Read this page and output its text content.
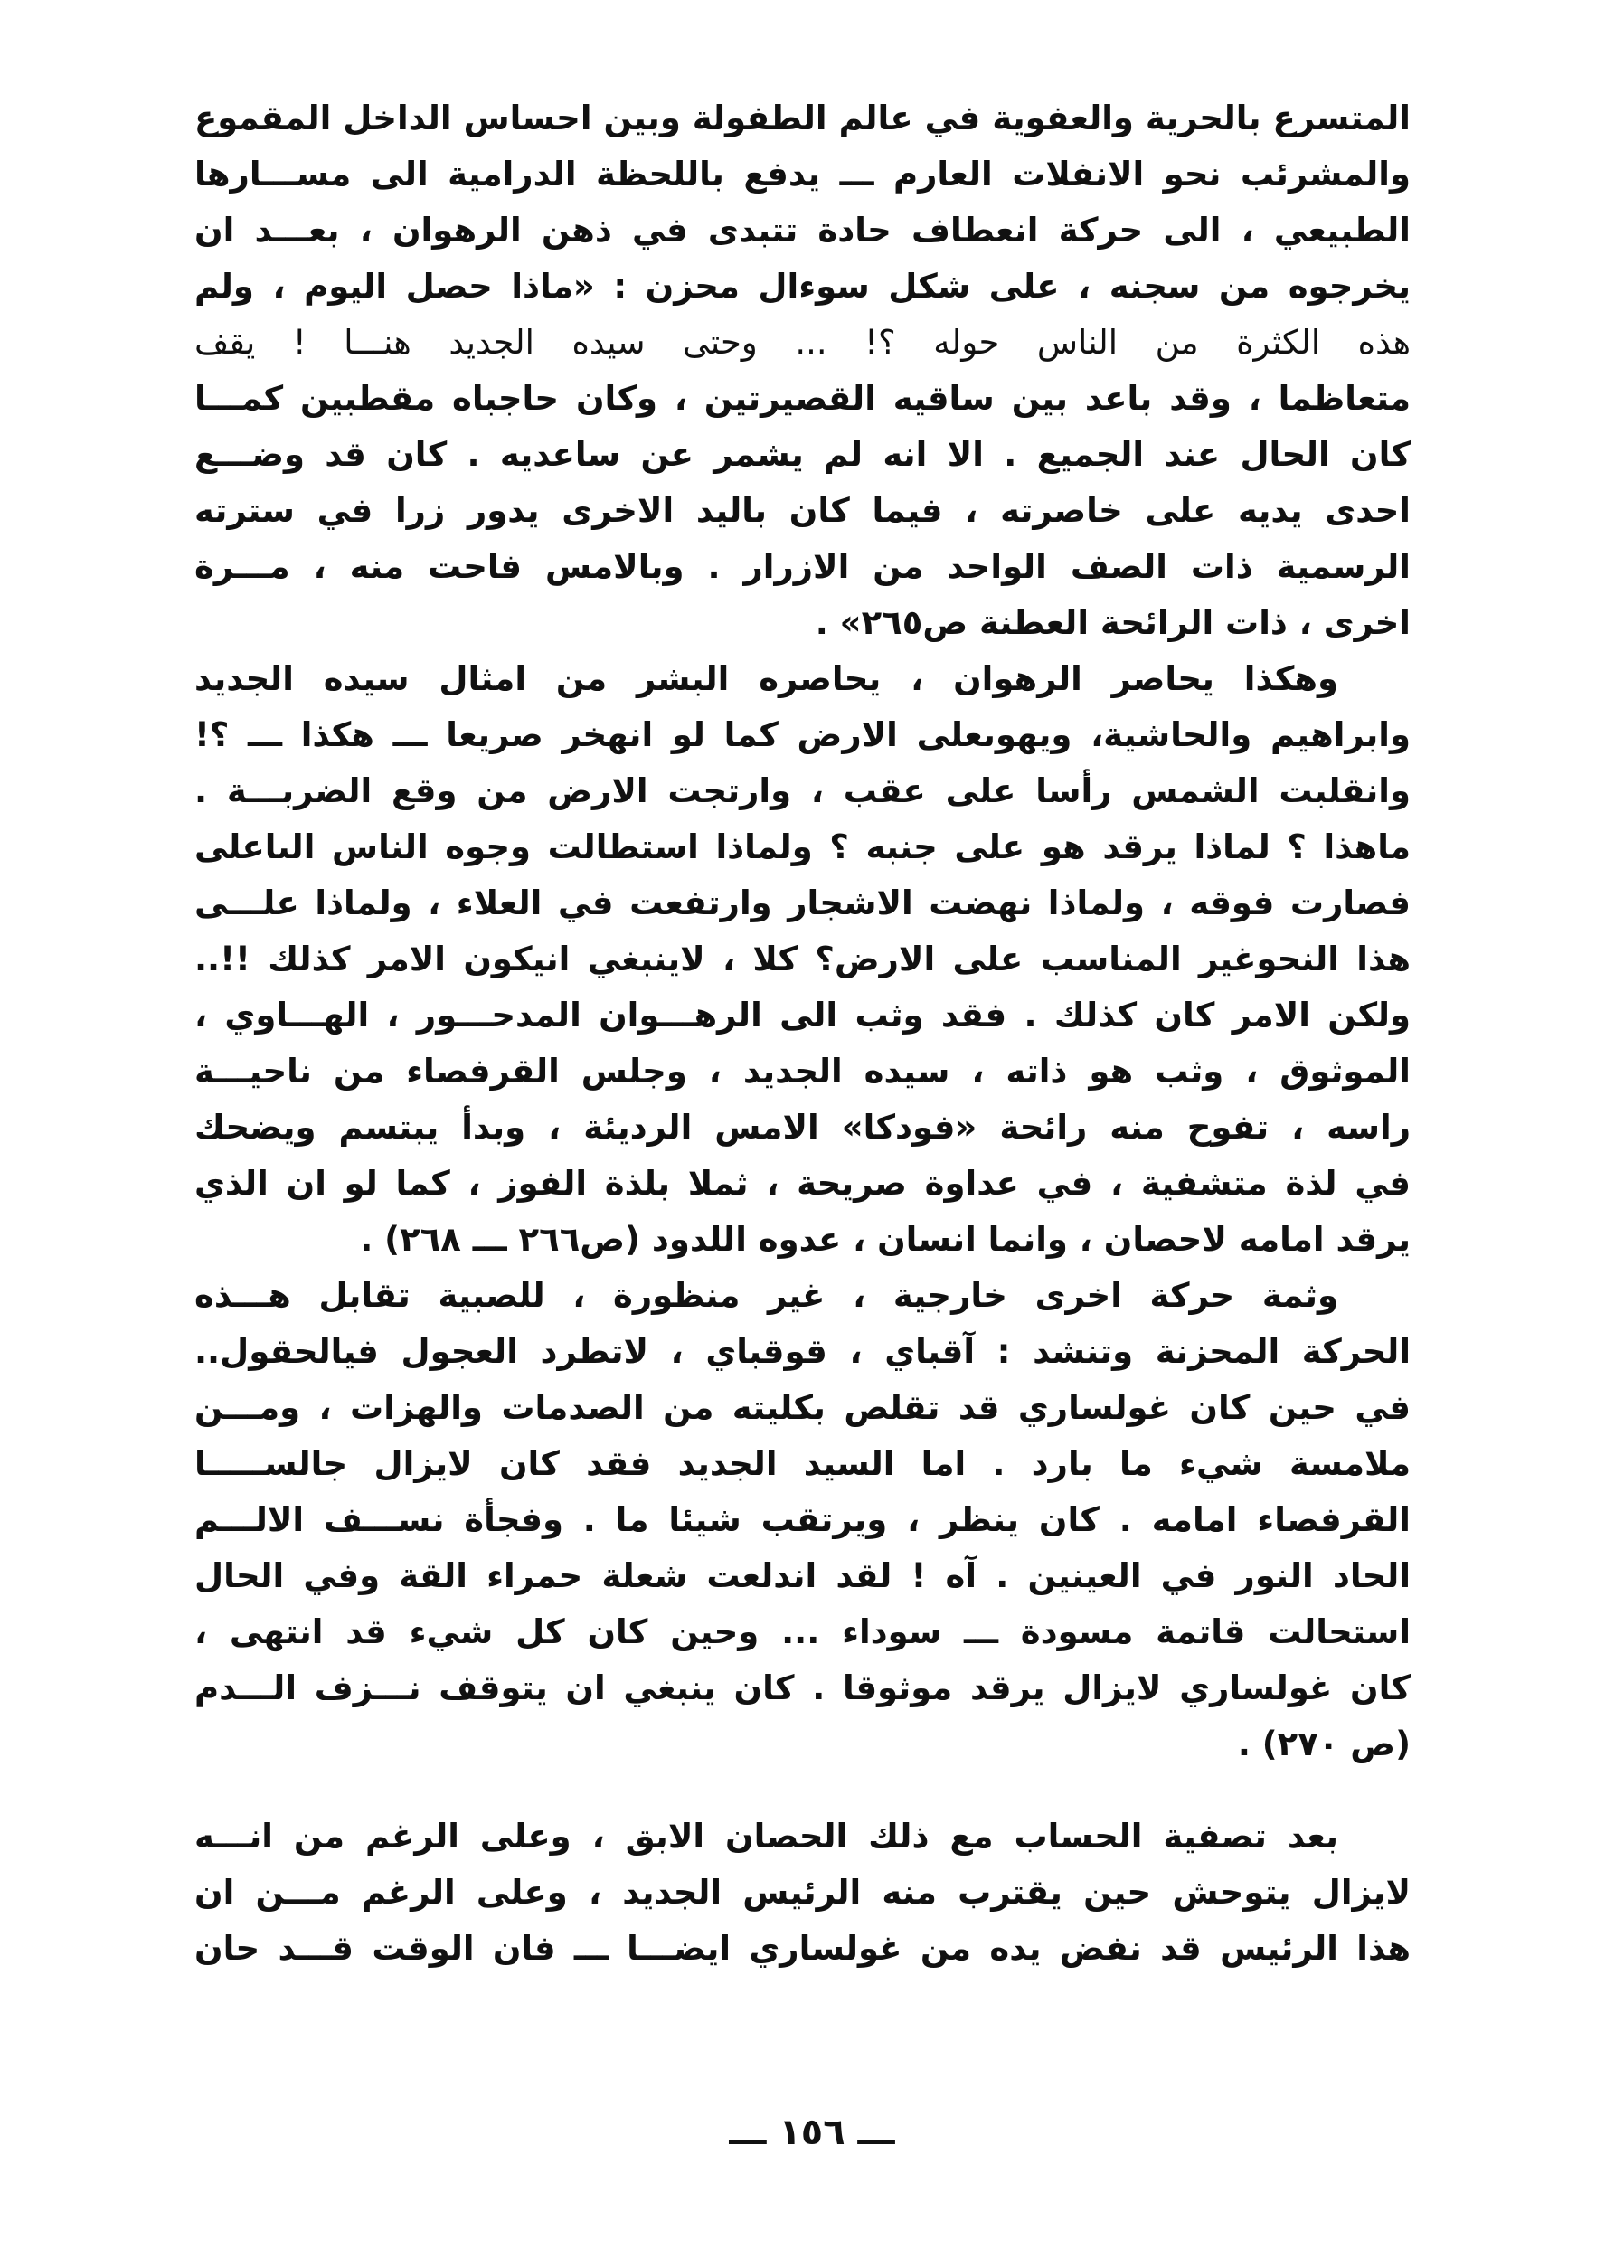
المتسرع بالحرية والعفوية في عالم الطفولة وبين احساس الداخل المقموع
والمشرئب نحو الانفلات العارم ـــ يدفع باللحظة الدرامية الى مســـارها
الطبيعي ، الى حركة انعطاف حادة تتبدى في ذهن الرهوان ، بعـــد ان
يخرجوه من سجنه ، على شكل سوءال محزن : «ماذا حصل اليوم ، ولم
هذه الكثرة من الناس حوله ؟! ... وحتى سيده الجديد هنـــا ! يقف
متعاظما ، وقد باعد بين ساقيه القصيرتين ، وكان حاجباه مقطبين كمـــا
كان الحال عند الجميع . الا انه لم يشمر عن ساعديه . كان قد وضـــع
احدى يديه على خاصرته ، فيما كان باليد الاخرى يدور زرا في سترته
الرسمية ذات الصف الواحد من الازرار . وبالامس فاحت منه ، مـــرة
اخرى ، ذات الرائحة العطنة ص٢٦٥» .
وهكذا يحاصر الرهوان ، يحاصره البشر من امثال سيده الجديد
وابراهيم والحاشية، ويهوىعلى الارض كما لو انهخر صريعا ـــ هكذا ـــ ؟!
وانقلبت الشمس رأسا على عقب ، وارتجت الارض من وقع الضربـــة .
ماهذا ؟ لماذا يرقد هو على جنبه ؟ ولماذا استطالت وجوه الناس الىاعلى
فصارت فوقه ، ولماذا نهضت الاشجار وارتفعت في العلاء ، ولماذا علـــى
هذا النحوغير المناسب على الارض؟ كلا ، لاينبغي انيكون الامر كذلك !!..
ولكن الامر كان كذلك . فقد وثب الى الرهـــوان المدحـــور ، الهـــاوي ،
الموثوق ، وثب هو ذاته ، سيده الجديد ، وجلس القرفصاء من ناحيـــة
راسه ، تفوح منه رائحة «فودكا» الامس الرديئة ، وبدأ يبتسم ويضحك
في لذة متشفية ، في عداوة صريحة ، ثملا بلذة الفوز ، كما لو ان الذي
يرقد امامه لاحصان ، وانما انسان ، عدوه اللدود (ص٢٦٦ ـــ ٢٦٨) .
وثمة حركة اخرى خارجية ، غير منظورة ، للصبية تقابل هـــذه
الحركة المحزنة وتنشد : آقباي ، قوقباي ، لاتطرد العجول فيالحقول..
في حين كان غولساري قد تقلص بكليته من الصدمات والهزات ، ومـــن
ملامسة شيء ما بارد . اما السيد الجديد فقد كان لايزال جالســـــا
القرفصاء امامه . كان ينظر ، ويرتقب شيئا ما . وفجأة نســـف الالـــم
الحاد النور في العينين . آه ! لقد اندلعت شعلة حمراء القة وفي الحال
استحالت قاتمة مسودة ـــ سوداء ... وحين كان كل شيء قد انتهى ،
كان غولساري لايزال يرقد موثوقا . كان ينبغي ان يتوقف نـــزف الـــدم
(ص ٢٧٠) .
بعد تصفية الحساب مع ذلك الحصان الابق ، وعلى الرغم من انـــه
لايزال يتوحش حين يقترب منه الرئيس الجديد ، وعلى الرغم مـــن ان
هذا الرئيس قد نفض يده من غولساري ايضـــا ـــ فان الوقت قـــد حان
ـــ ١٥٦ ـــ
